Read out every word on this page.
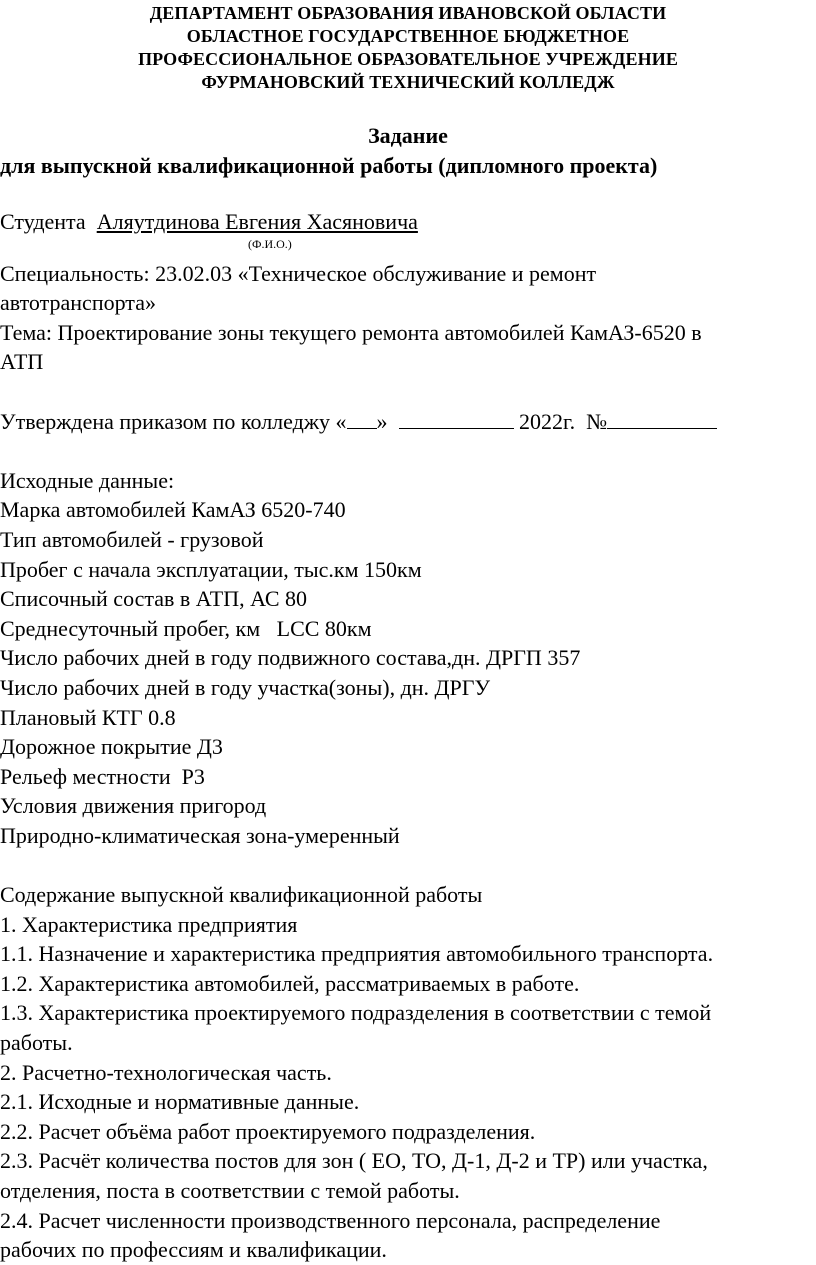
ДЕПАРТАМЕНТ ОБРАЗОВАНИЯ ИВАНОВСКОЙ ОБЛАСТИ
ОБЛАСТНОЕ ГОСУДАРСТВЕННОЕ БЮДЖЕТНОЕ
ПРОФЕССИОНАЛЬНОЕ ОБРАЗОВАТЕЛЬНОЕ УЧРЕЖДЕНИЕ
ФУРМАНОВСКИЙ ТЕХНИЧЕСКИЙ КОЛЛЕДЖ
Задание
для выпускной квалификационной работы (дипломного проекта)
Студента Аляутдинова Евгения Хасяновича
(Ф.И.О.)
Специальность: 23.02.03 «Техническое обслуживание и ремонт
автотранспорта»
Тема: Проектирование зоны текущего ремонта автомобилей КамАЗ-6520 в
АТП
Утверждена приказом по колледжу « »	2022г. №
Исходные данные:
Марка автомобилей КамАЗ 6520-740
Тип автомобилей - грузовой
Пробег с начала эксплуатации, тыс.км 150км
Списочный состав в АТП, АС 80
Среднесуточный пробег, км   LСС 80км
Число рабочих дней в году подвижного состава,дн. ДРГП 357
Число рабочих дней в году участка(зоны), дн. ДРГУ
Плановый КТГ 0.8
Дорожное покрытие Д3
Рельеф местности  Р3
Условия движения пригород
Природно-климатическая зона-умеренный
Содержание выпускной квалификационной работы
1. Характеристика предприятия
1.1. Назначение и характеристика предприятия автомобильного транспорта.
1.2. Характеристика автомобилей, рассматриваемых в работе.
1.3. Характеристика проектируемого подразделения в соответствии с темой
работы.
2. Расчетно-технологическая часть.
2.1. Исходные и нормативные данные.
2.2. Расчет объёма работ проектируемого подразделения.
2.3. Расчёт количества постов для зон ( ЕО, ТО, Д-1, Д-2 и ТР) или участка,
отделения, поста в соответствии с темой работы.
2.4. Расчет численности производственного персонала, распределение
рабочих по профессиям и квалификации.
